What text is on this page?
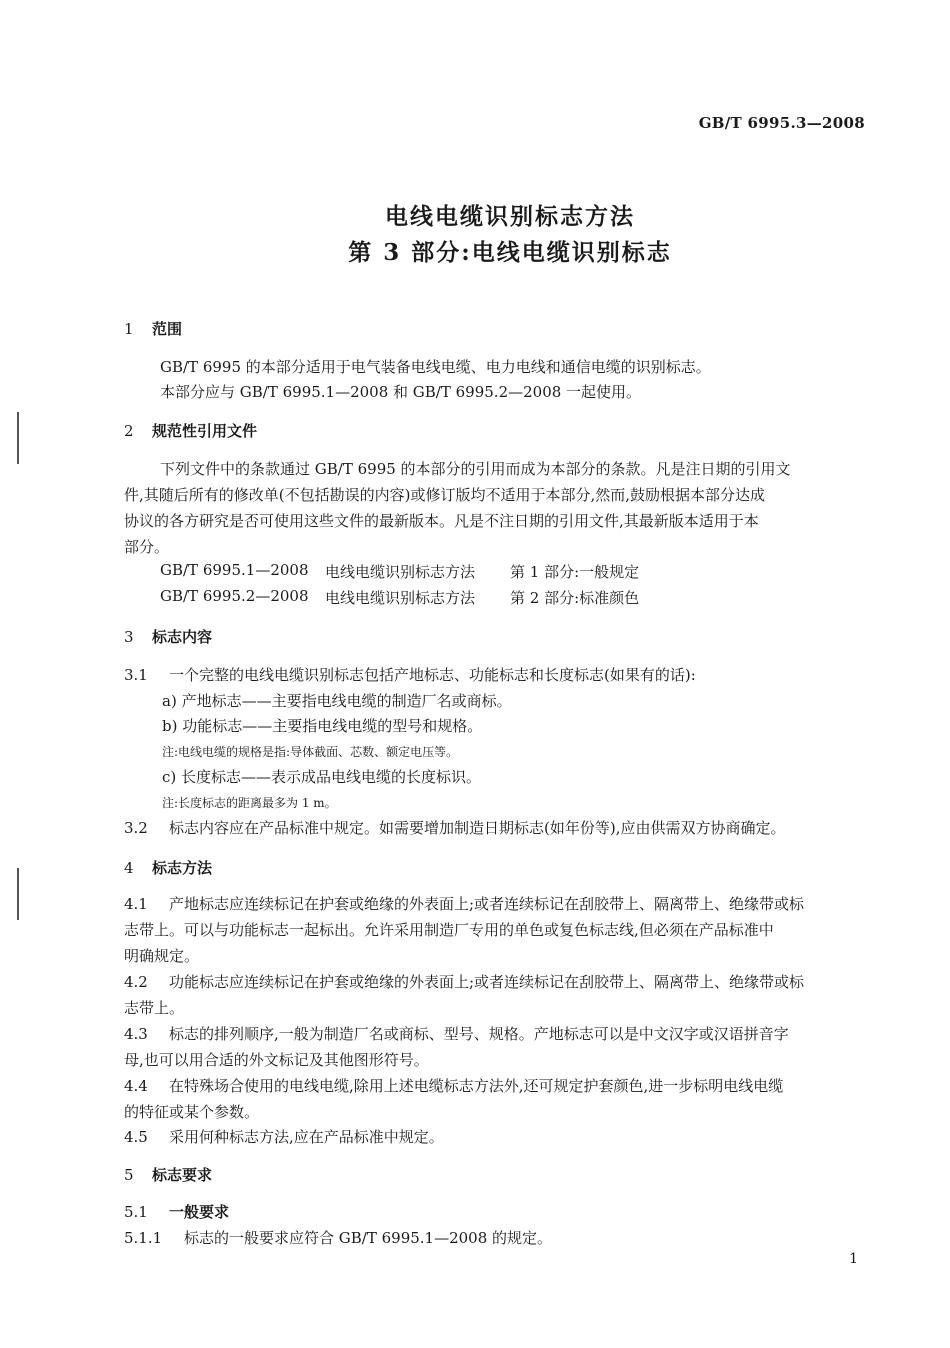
GB/T 6995.3—2008
电线电缆识别标志方法
第 3 部分:电线电缆识别标志
1 范围
GB/T 6995 的本部分适用于电气装备电线电缆、电力电线和通信电缆的识别标志。
本部分应与 GB/T 6995.1—2008 和 GB/T 6995.2—2008 一起使用。
2 规范性引用文件
下列文件中的条款通过 GB/T 6995 的本部分的引用而成为本部分的条款。凡是注日期的引用文
件,其随后所有的修改单(不包括勘误的内容)或修订版均不适用于本部分,然而,鼓励根据本部分达成
协议的各方研究是否可使用这些文件的最新版本。凡是不注日期的引用文件,其最新版本适用于本
部分。
GB/T 6995.1—2008 电线电缆识别标志方法 第 1 部分:一般规定
GB/T 6995.2—2008 电线电缆识别标志方法 第 2 部分:标准颜色
3 标志内容
3.1 一个完整的电线电缆识别标志包括产地标志、功能标志和长度标志(如果有的话):
a) 产地标志——主要指电线电缆的制造厂名或商标。
b) 功能标志——主要指电线电缆的型号和规格。
注:电线电缆的规格是指:导体截面、芯数、额定电压等。
c) 长度标志——表示成品电线电缆的长度标识。
注:长度标志的距离最多为 1 m。
3.2 标志内容应在产品标准中规定。如需要增加制造日期标志(如年份等),应由供需双方协商确定。
4 标志方法
4.1 产地标志应连续标记在护套或绝缘的外表面上;或者连续标记在刮胶带上、隔离带上、绝缘带或标
志带上。可以与功能标志一起标出。允许采用制造厂专用的单色或复色标志线,但必须在产品标准中
明确规定。
4.2 功能标志应连续标记在护套或绝缘的外表面上;或者连续标记在刮胶带上、隔离带上、绝缘带或标
志带上。
4.3 标志的排列顺序,一般为制造厂名或商标、型号、规格。产地标志可以是中文汉字或汉语拼音字
母,也可以用合适的外文标记及其他图形符号。
4.4 在特殊场合使用的电线电缆,除用上述电缆标志方法外,还可规定护套颜色,进一步标明电线电缆
的特征或某个参数。
4.5 采用何种标志方法,应在产品标准中规定。
5 标志要求
5.1 一般要求
5.1.1 标志的一般要求应符合 GB/T 6995.1—2008 的规定。
1
